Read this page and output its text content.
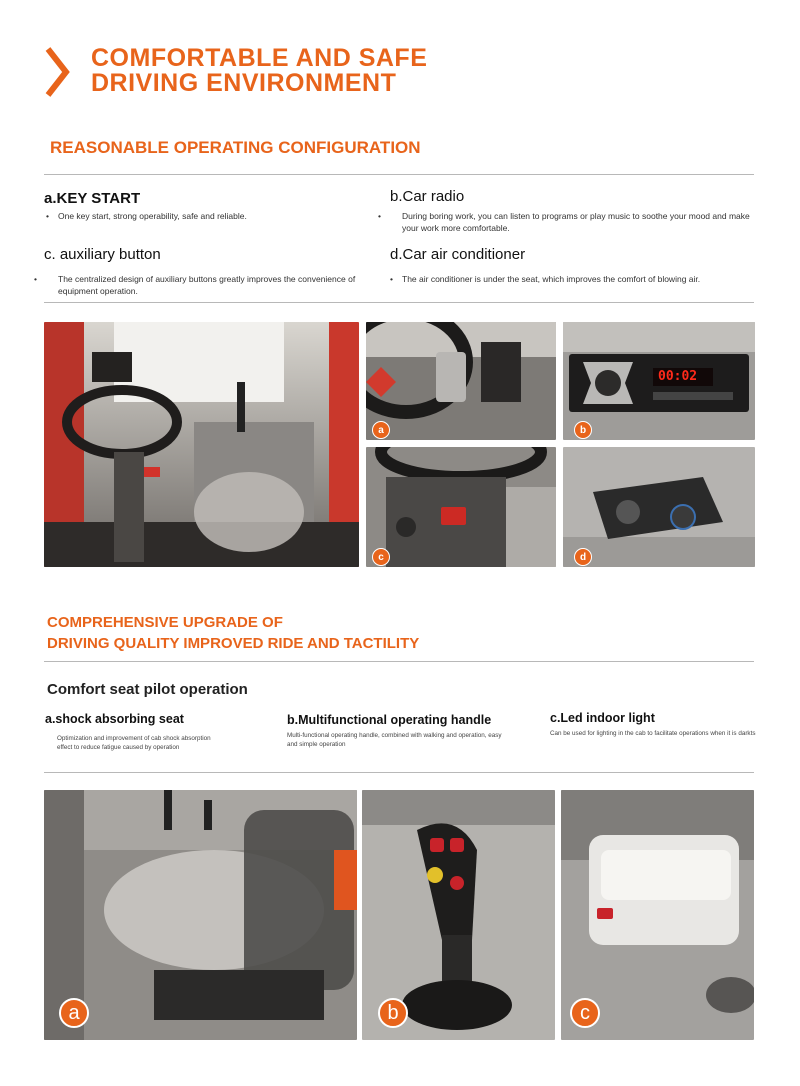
COMFORTABLE AND SAFE
DRIVING ENVIRONMENT
REASONABLE OPERATING CONFIGURATION
a.KEY START
• One key start, strong operability, safe and reliable.
b.Car radio
• During boring work, you can listen to programs or play music to soothe your mood and make your work more comfortable.
c. auxiliary button
• The centralized design of auxiliary buttons greatly improves the convenience of equipment operation.
d.Car air conditioner
• The air conditioner is under the seat, which improves the comfort of blowing air.
a
00:02
b
c	d
COMPREHENSIVE UPGRADE OF
DRIVING QUALITY IMPROVED RIDE AND TACTILITY
Comfort seat pilot operation
a.shock absorbing seat
Optimization and improvement of cab shock absorption effect to reduce fatigue caused by operation
b.Multifunctional operating handle
Multi-functional operating handle, combined with walking and operation, easy and simple operation
c.Led indoor light
Can be used for lighting in the cab to facilitate operations when it is darkts
a	b	c
